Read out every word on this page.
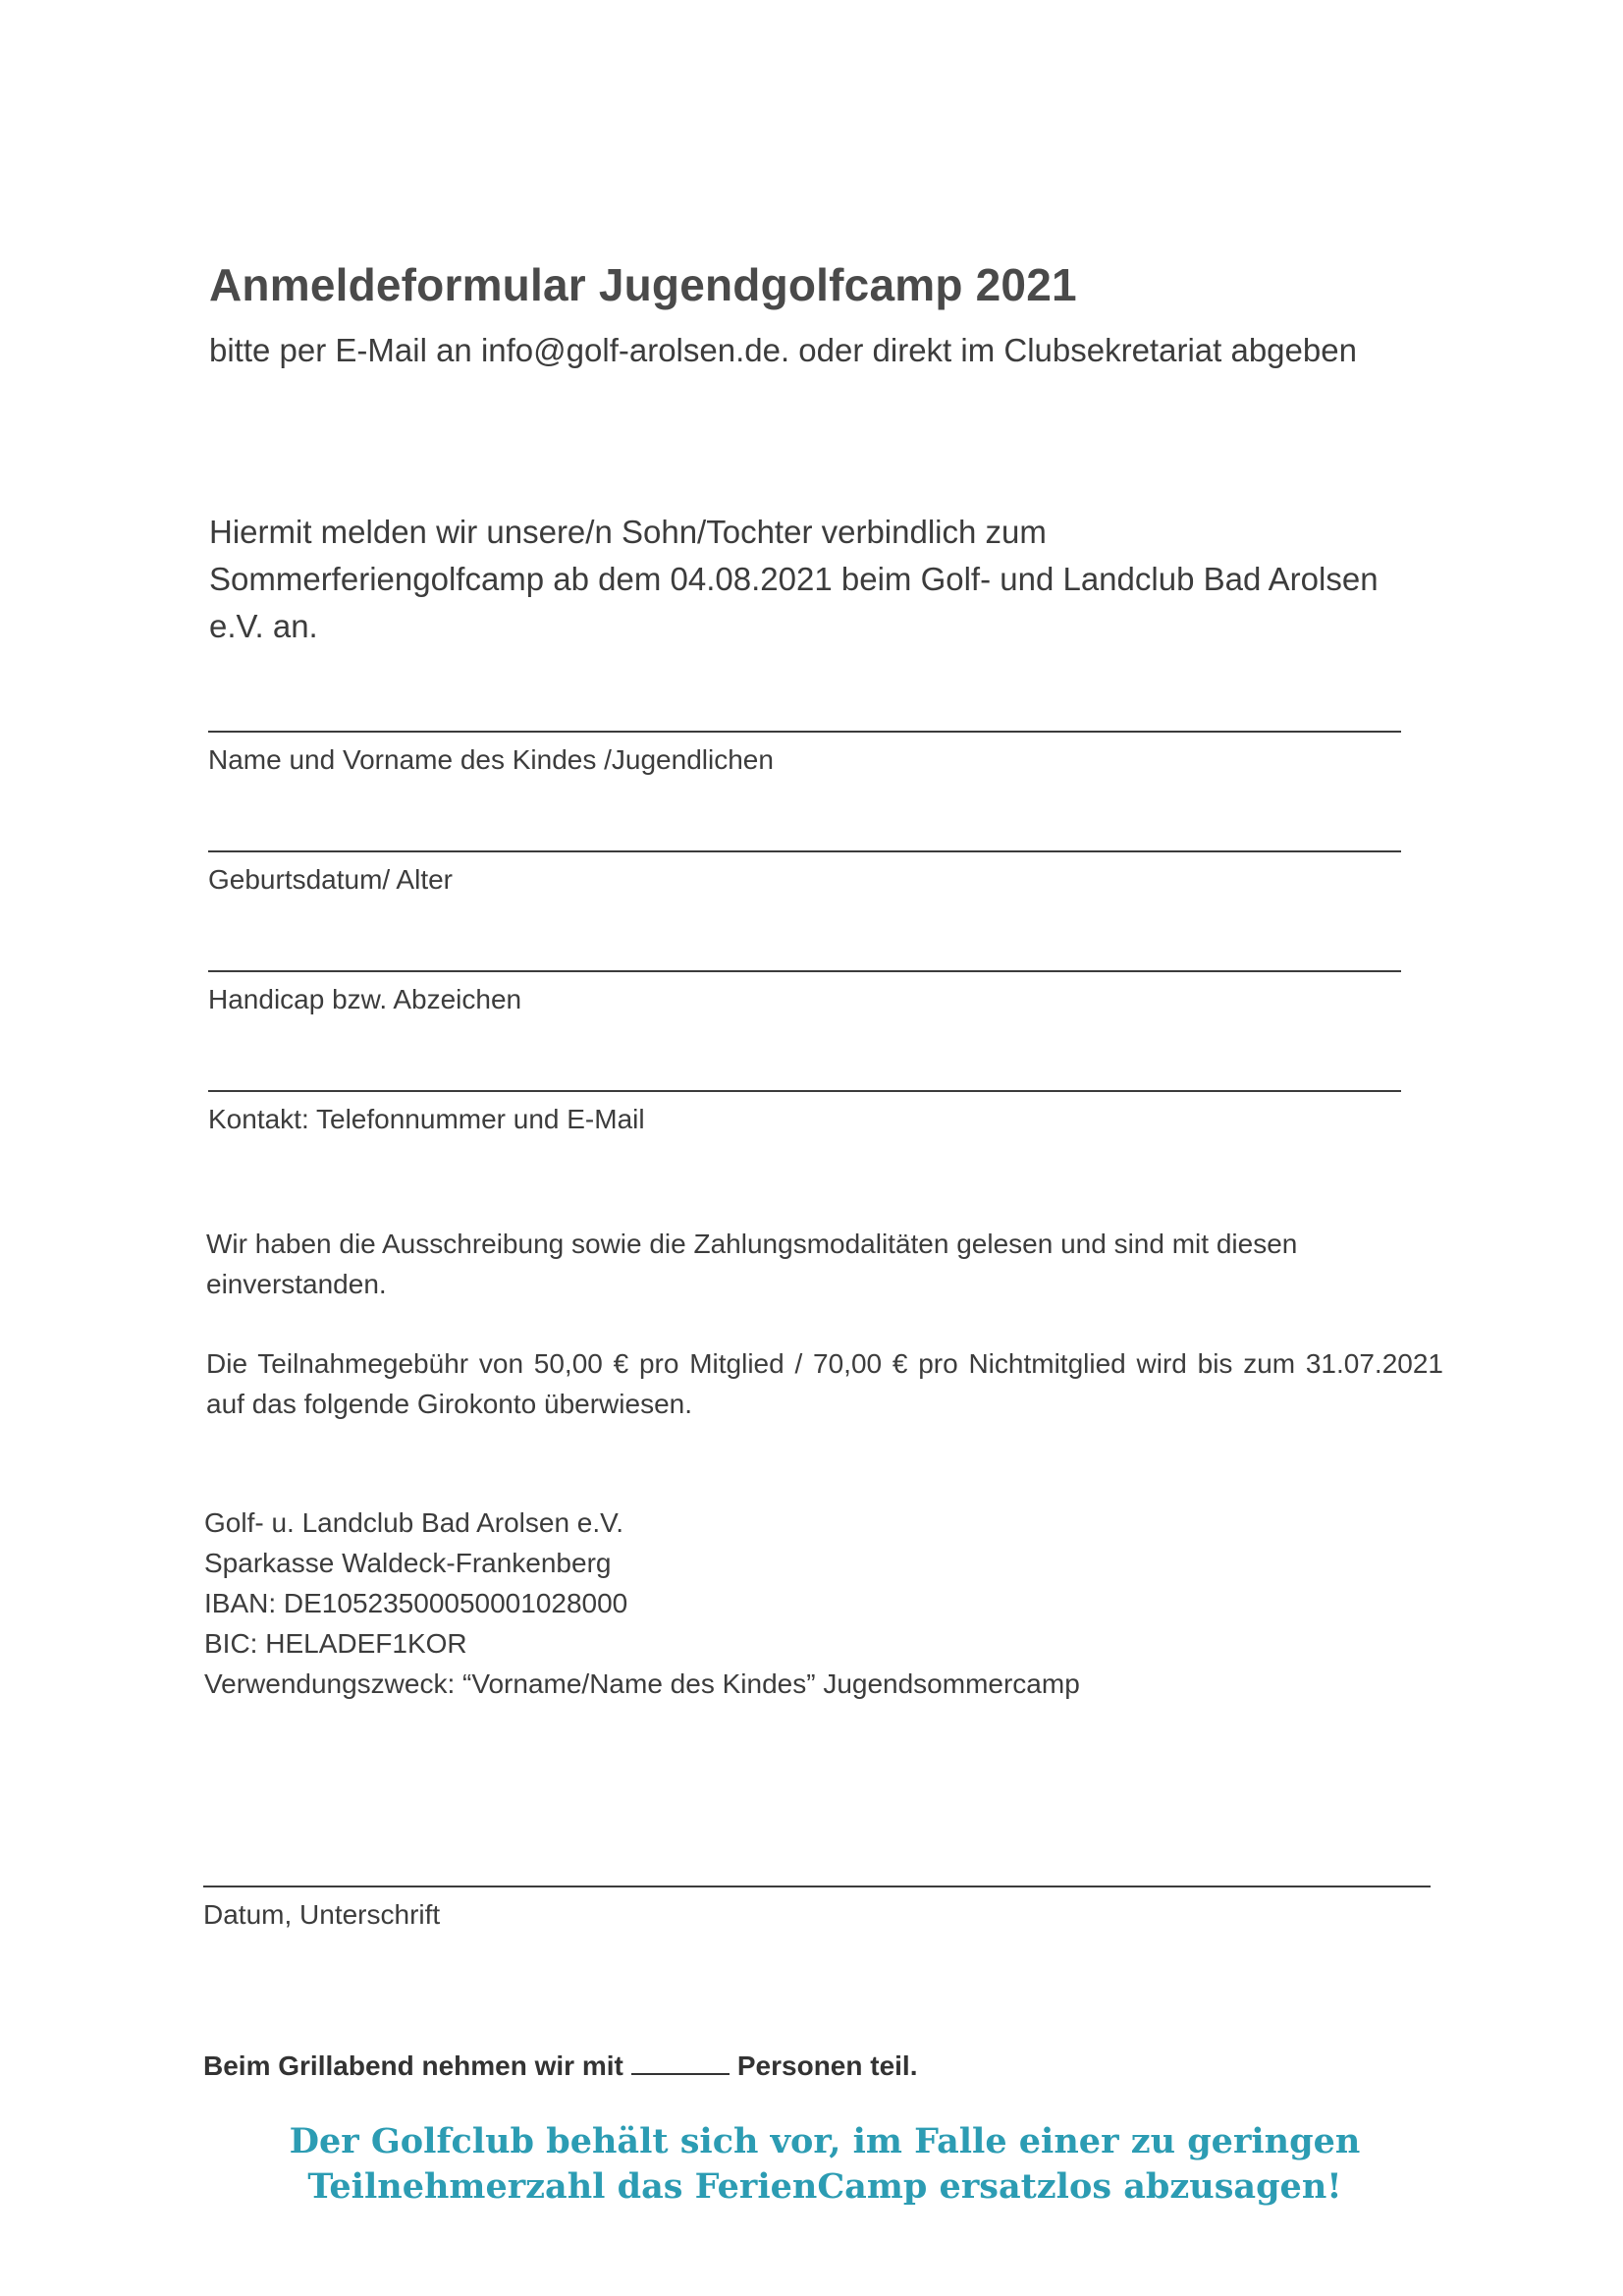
Anmeldeformular Jugendgolfcamp 2021
bitte per E-Mail an info@golf-arolsen.de. oder direkt im Clubsekretariat abgeben
Hiermit melden wir unsere/n Sohn/Tochter verbindlich zum Sommerferiengolfcamp ab dem 04.08.2021 beim Golf- und Landclub Bad Arolsen e.V. an.
Name und Vorname des Kindes /Jugendlichen
Geburtsdatum/ Alter
Handicap bzw. Abzeichen
Kontakt: Telefonnummer und E-Mail
Wir haben die Ausschreibung sowie die Zahlungsmodalitäten gelesen und sind mit diesen einverstanden.
Die Teilnahmegebühr von 50,00 € pro Mitglied / 70,00 € pro Nichtmitglied wird bis zum 31.07.2021 auf das folgende Girokonto überwiesen.
Golf- u. Landclub Bad Arolsen e.V.
Sparkasse Waldeck-Frankenberg
IBAN: DE10523500050001028000
BIC: HELADEF1KOR
Verwendungszweck: “Vorname/Name des Kindes” Jugendsommercamp
Datum, Unterschrift
Beim Grillabend nehmen wir mit	Personen teil.
Der Golfclub behält sich vor, im Falle einer zu geringen
Teilnehmerzahl das FerienCamp ersatzlos abzusagen!
